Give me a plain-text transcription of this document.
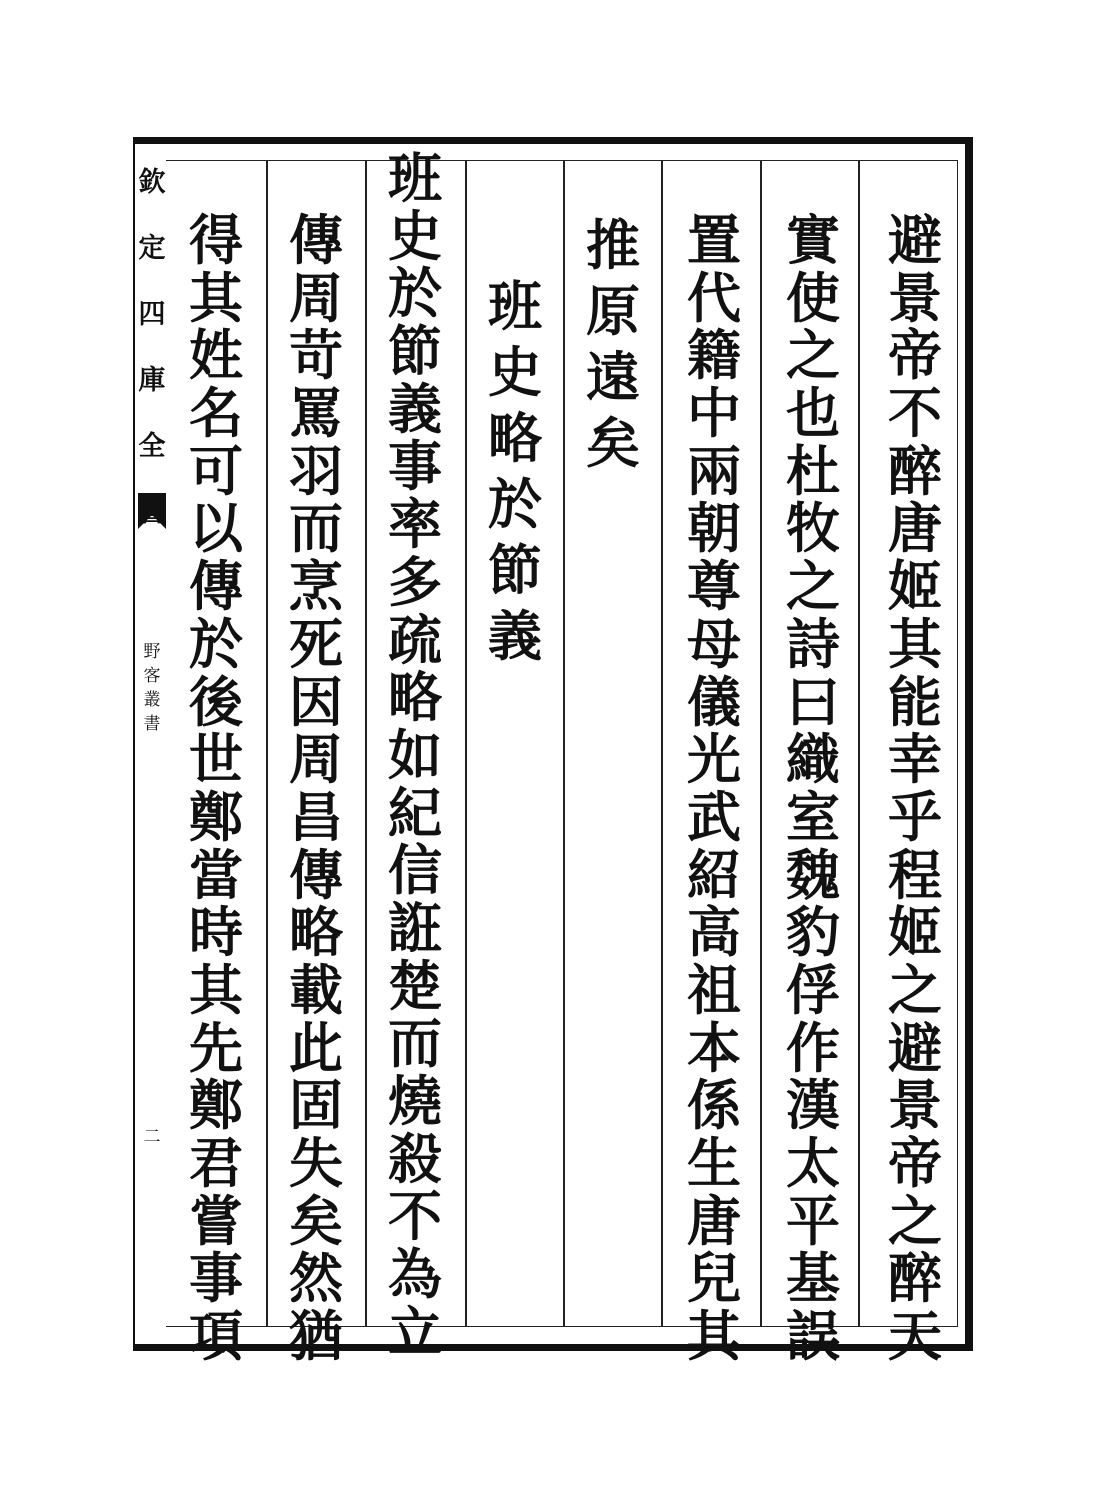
欽
定
四
庫
全
野
客
叢
書
二
避
景
帝
不
醉
唐
姬
其
能
幸
乎
程
姬
之
避
景
帝
之
醉
天
實
使
之
也
杜
牧
之
詩
曰
織
室
魏
豹
俘
作
漢
太
平
基
誤
置
代
籍
中
兩
朝
尊
母
儀
光
武
紹
高
祖
本
係
生
唐
兒
其
推
原
遠
矣
班
史
略
於
節
義
班
史
於
節
義
事
率
多
疏
略
如
紀
信
誑
楚
而
燒
殺
不
為
立
傳
周
苛
罵
羽
而
烹
死
因
周
昌
傳
略
載
此
固
失
矣
然
猶
得
其
姓
名
可
以
傳
於
後
世
鄭
當
時
其
先
鄭
君
嘗
事
項
